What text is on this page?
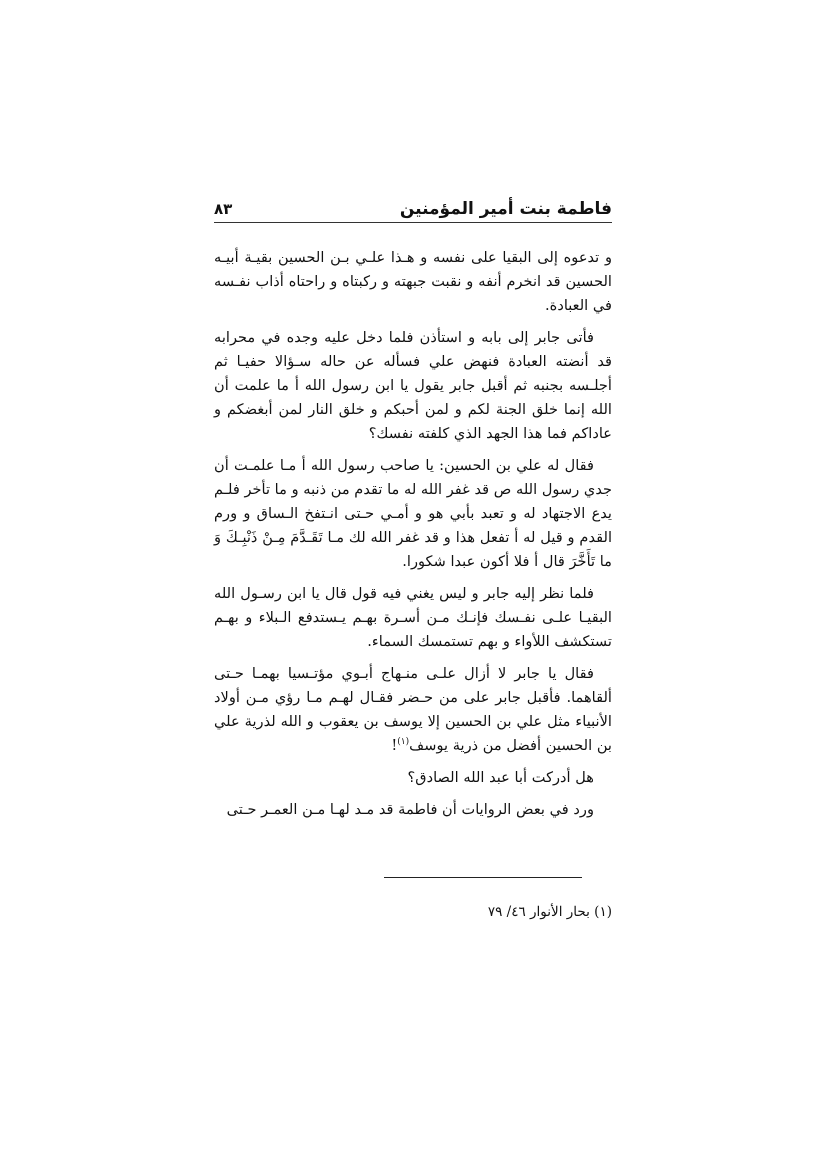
فاطمة بنت أمير المؤمنين
٨٣

و تدعوه إلى البقيا على نفسه و هـذا علـي بـن الحسين بقيـة أبيـه الحسين قد انخرم أنفه و نقبت جبهته و ركبتاه و راحتاه أذاب نفـسه في العبادة.

فأتى جابر إلى بابه و استأذن فلما دخل عليه وجده في محرابه قد أنضته العبادة فنهض علي فسأله عن حاله سـؤالا حفيـا ثم أجلـسه بجنبه ثم أقبل جابر يقول يا ابن رسول الله أ ما علمت أن الله إنما خلق الجنة لكم و لمن أحبكم و خلق النار لمن أبغضكم و عاداكم فما هذا الجهد الذي كلفته نفسك؟

فقال له علي بن الحسين: يا صاحب رسول الله أ مـا علمـت أن جدي رسول الله ص قد غفر الله له ما تقدم من ذنبه و ما تأخر فلـم يدع الاجتهاد له و تعبد بأبي هو و أمـي حـتى انـتفخ الـساق و ورم القدم و قيل له أ تفعل هذا و قد غفر الله لك مـا تَقَـدَّمَ مِـنْ ذَنْبِـكَ وَ ما تَأَخَّرَ قال أ فلا أكون عبدا شكورا.

فلما نظر إليه جابر و ليس يغني فيه قول قال يا ابن رسـول الله البقيـا علـى نفـسك فإنـك مـن أسـرة بهـم يـستدفع الـبلاء و بهـم تستكشف اللأواء و بهم تستمسك السماء.

فقال يا جابر لا أزال علـى منـهاج أبـوي مؤتـسيا بهمـا حـتى ألقاهما. فأقبل جابر على من حـضر فقـال لهـم مـا رؤي مـن أولاد الأنبياء مثل علي بن الحسين إلا يوسف بن يعقوب و الله لذرية علي بن الحسين أفضل من ذرية يوسف$^{(١)}$!

هل أدركت أبا عبد الله الصادق؟

ورد في بعض الروايات أن فاطمة قد مـد لهـا مـن العمـر حـتى

(١) بحار الأنوار ٤٦/ ٧٩
